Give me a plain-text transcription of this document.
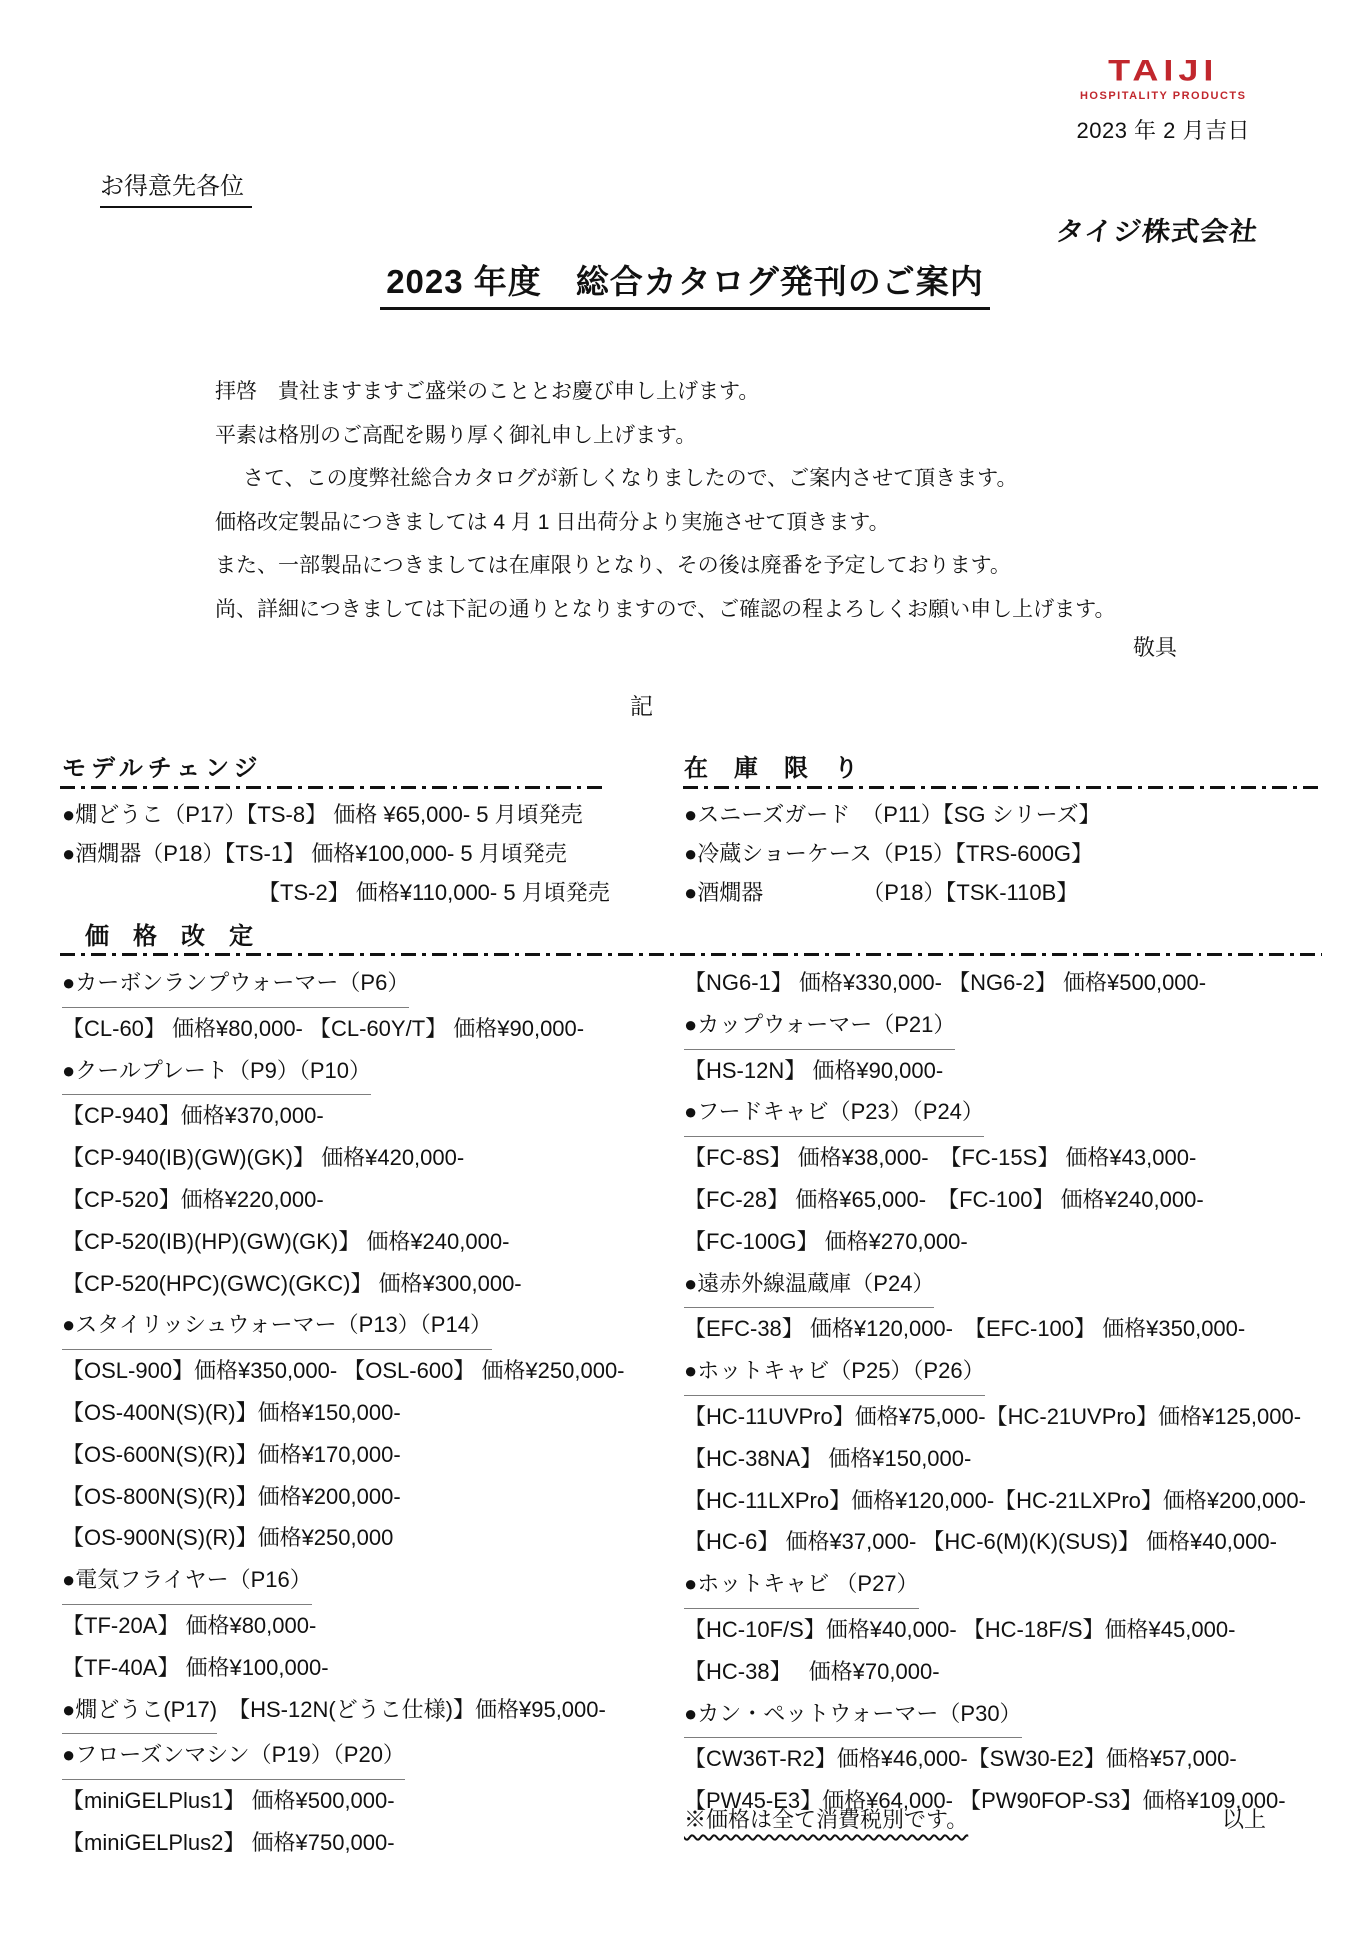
TAIJI
HOSPITALITY PRODUCTS
2023 年 2 月吉日
お得意先各位
タイジ株式会社
2023 年度　総合カタログ発刊のご案内
拝啓　貴社ますますご盛栄のこととお慶び申し上げます。
平素は格別のご高配を賜り厚く御礼申し上げます。
さて、この度弊社総合カタログが新しくなりましたので、ご案内させて頂きます。
価格改定製品につきましては 4 月 1 日出荷分より実施させて頂きます。
また、一部製品につきましては在庫限りとなり、その後は廃番を予定しております。
尚、詳細につきましては下記の通りとなりますので、ご確認の程よろしくお願い申し上げます。
敬具
記
モデルチェンジ
●燗どうこ（P17）【TS-8】 価格 ¥65,000- 5 月頃発売
●酒燗器（P18）【TS-1】 価格¥100,000- 5 月頃発売
【TS-2】 価格¥110,000- 5 月頃発売
在庫限り
●スニーズガード　（P11）【SG シリーズ】
●冷蔵ショーケース（P15）【TRS-600G】
●酒燗器　　　　　（P18）【TSK-110B】
価格改定
●カーボンランプウォーマー（P6）
【CL-60】 価格¥80,000- 【CL-60Y/T】 価格¥90,000-
●クールプレート（P9）（P10）
【CP-940】価格¥370,000-
【CP-940(IB)(GW)(GK)】 価格¥420,000-
【CP-520】価格¥220,000-
【CP-520(IB)(HP)(GW)(GK)】 価格¥240,000-
【CP-520(HPC)(GWC)(GKC)】 価格¥300,000-
●スタイリッシュウォーマー（P13）（P14）
【OSL-900】価格¥350,000- 【OSL-600】 価格¥250,000-
【OS-400N(S)(R)】価格¥150,000-
【OS-600N(S)(R)】価格¥170,000-
【OS-800N(S)(R)】価格¥200,000-
【OS-900N(S)(R)】価格¥250,000
●電気フライヤー（P16）
【TF-20A】 価格¥80,000-
【TF-40A】 価格¥100,000-
●燗どうこ(P17)　【HS-12N(どうこ仕様)】価格¥95,000-
●フローズンマシン（P19）（P20）
【miniGELPlus1】 価格¥500,000-
【miniGELPlus2】 価格¥750,000-
【NG6-1】 価格¥330,000- 【NG6-2】 価格¥500,000-
●カップウォーマー（P21）
【HS-12N】 価格¥90,000-
●フードキャビ（P23）（P24）
【FC-8S】 価格¥38,000-　【FC-15S】 価格¥43,000-
【FC-28】 価格¥65,000-　【FC-100】 価格¥240,000-
【FC-100G】 価格¥270,000-
●遠赤外線温蔵庫（P24）
【EFC-38】 価格¥120,000-　【EFC-100】 価格¥350,000-
●ホットキャビ（P25）（P26）
【HC-11UVPro】価格¥75,000-【HC-21UVPro】価格¥125,000-
【HC-38NA】 価格¥150,000-
【HC-11LXPro】価格¥120,000-【HC-21LXPro】価格¥200,000-
【HC-6】 価格¥37,000- 【HC-6(M)(K)(SUS)】 価格¥40,000-
●ホットキャビ （P27）
【HC-10F/S】価格¥40,000- 【HC-18F/S】価格¥45,000-
【HC-38】　 価格¥70,000-
●カン・ペットウォーマー（P30）
【CW36T-R2】価格¥46,000-【SW30-E2】価格¥57,000-
【PW45-E3】価格¥64,000- 【PW90FOP-S3】価格¥109,000-
※価格は全て消費税別です。	以上
